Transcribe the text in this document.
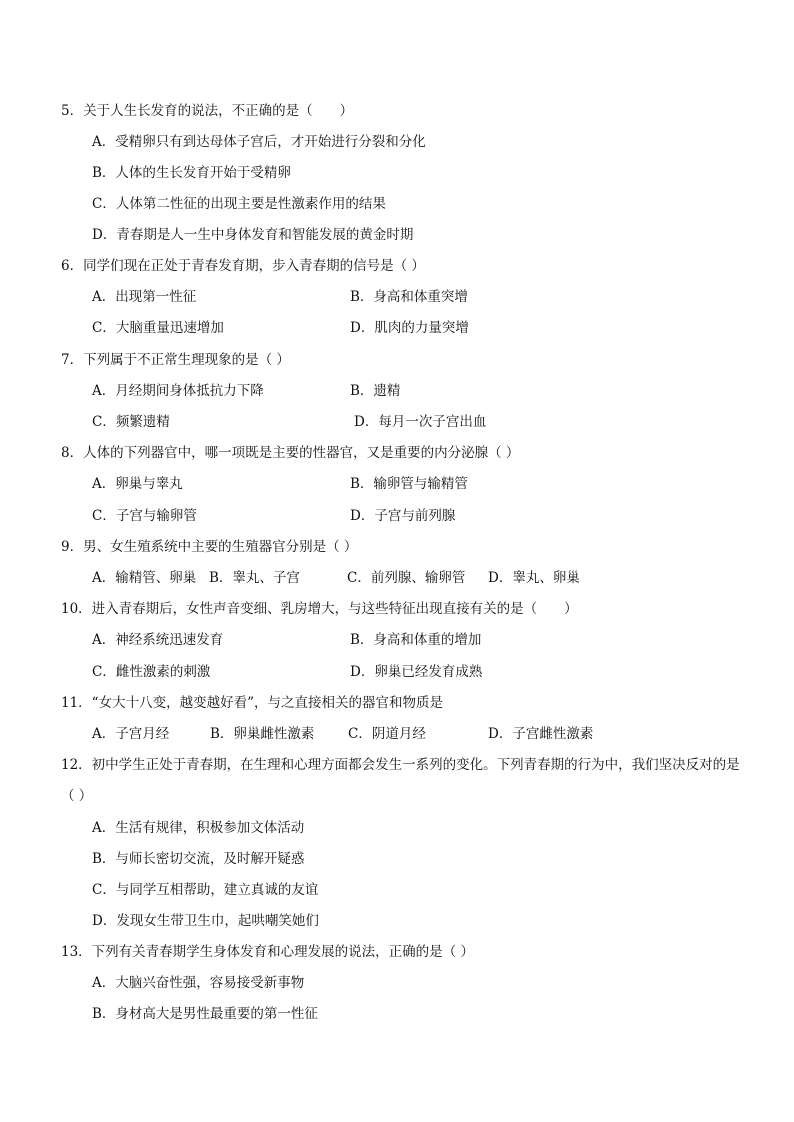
5．关于人生长发育的说法，不正确的是（　　）
A．受精卵只有到达母体子宫后，才开始进行分裂和分化
B．人体的生长发育开始于受精卵
C．人体第二性征的出现主要是性激素作用的结果
D．青春期是人一生中身体发育和智能发展的黄金时期
6．同学们现在正处于青春发育期，步入青春期的信号是（ ）
A．出现第一性征	B．身高和体重突增
C．大脑重量迅速增加	D．肌肉的力量突增
7．下列属于不正常生理现象的是（ ）
A．月经期间身体抵抗力下降	B．遗精
C．频繁遗精	D．每月一次子宫出血
8．人体的下列器官中，哪一项既是主要的性器官，又是重要的内分泌腺（ ）
A．卵巢与睾丸	B．输卵管与输精管
C．子宫与输卵管	D．子宫与前列腺
9．男、女生殖系统中主要的生殖器官分别是（ ）
A．输精管、卵巢 B．睾丸、子宫	C．前列腺、输卵管 D．睾丸、卵巢
10．进入青春期后，女性声音变细、乳房增大，与这些特征出现直接有关的是（　　）
A．神经系统迅速发育	B．身高和体重的增加
C．雌性激素的刺激	D．卵巢已经发育成熟
11．“女大十八变，越变越好看”，与之直接相关的器官和物质是
A．子宫月经	B．卵巢雌性激素 C．阴道月经	D．子宫雌性激素
12．初中学生正处于青春期，在生理和心理方面都会发生一系列的变化。下列青春期的行为中，我们坚决反对的是（ ）
A．生活有规律，积极参加文体活动
B．与师长密切交流，及时解开疑惑
C．与同学互相帮助，建立真诚的友谊
D．发现女生带卫生巾，起哄嘲笑她们
13．下列有关青春期学生身体发育和心理发展的说法，正确的是（ ）
A．大脑兴奋性强，容易接受新事物
B．身材高大是男性最重要的第一性征
